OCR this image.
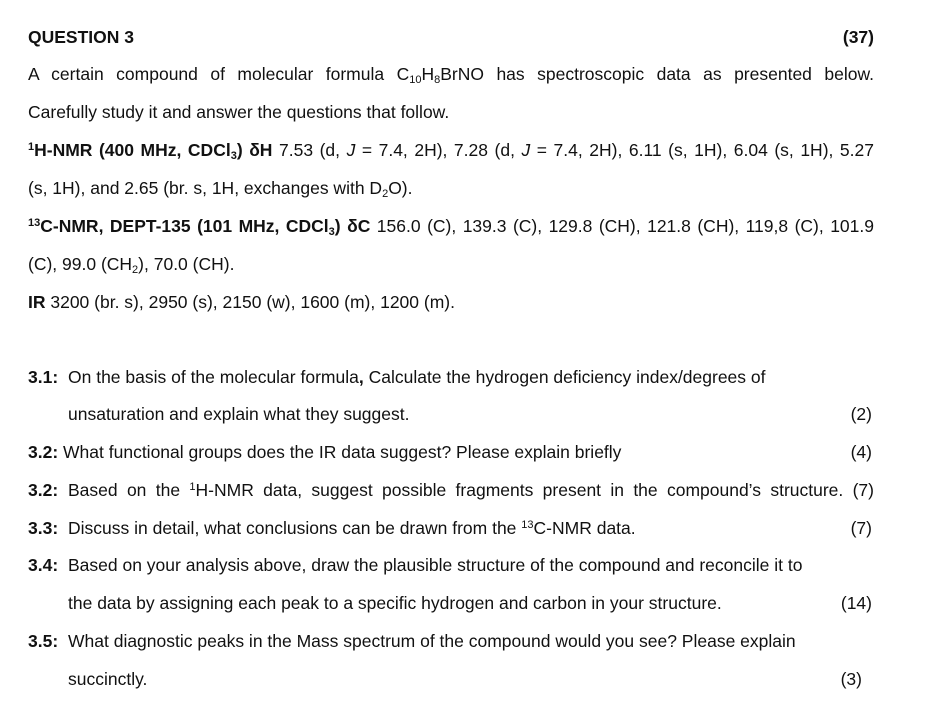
QUESTION 3	(37)
A certain compound of molecular formula $C_{10}H_8BrNO$ has spectroscopic data as presented below.
Carefully study it and answer the questions that follow.
$^1$H-NMR (400 MHz, CDCl$_3$) δH 7.53 (d, J = 7.4, 2H), 7.28 (d, J = 7.4, 2H), 6.11 (s, 1H), 6.04 (s, 1H), 5.27
(s, 1H), and 2.65 (br. s, 1H, exchanges with $D_2O$).
$^{13}$C-NMR, DEPT-135 (101 MHz, CDCl$_3$) δC 156.0 (C), 139.3 (C), 129.8 (CH), 121.8 (CH), 119,8 (C), 101.9
(C), 99.0 $(CH_2)$, 70.0 (CH).
IR 3200 (br. s), 2950 (s), 2150 (w), 1600 (m), 1200 (m).
3.1: On the basis of the molecular formula, Calculate the hydrogen deficiency index/degrees of
unsaturation and explain what they suggest.	(2)
3.2: What functional groups does the IR data suggest? Please explain briefly	(4)
3.2: Based on the $^1$H-NMR data, suggest possible fragments present in the compound’s structure. (7)
3.3: Discuss in detail, what conclusions can be drawn from the $^{13}$C-NMR data.	(7)
3.4: Based on your analysis above, draw the plausible structure of the compound and reconcile it to
the data by assigning each peak to a specific hydrogen and carbon in your structure.	(14)
3.5: What diagnostic peaks in the Mass spectrum of the compound would you see? Please explain
succinctly.	(3)
